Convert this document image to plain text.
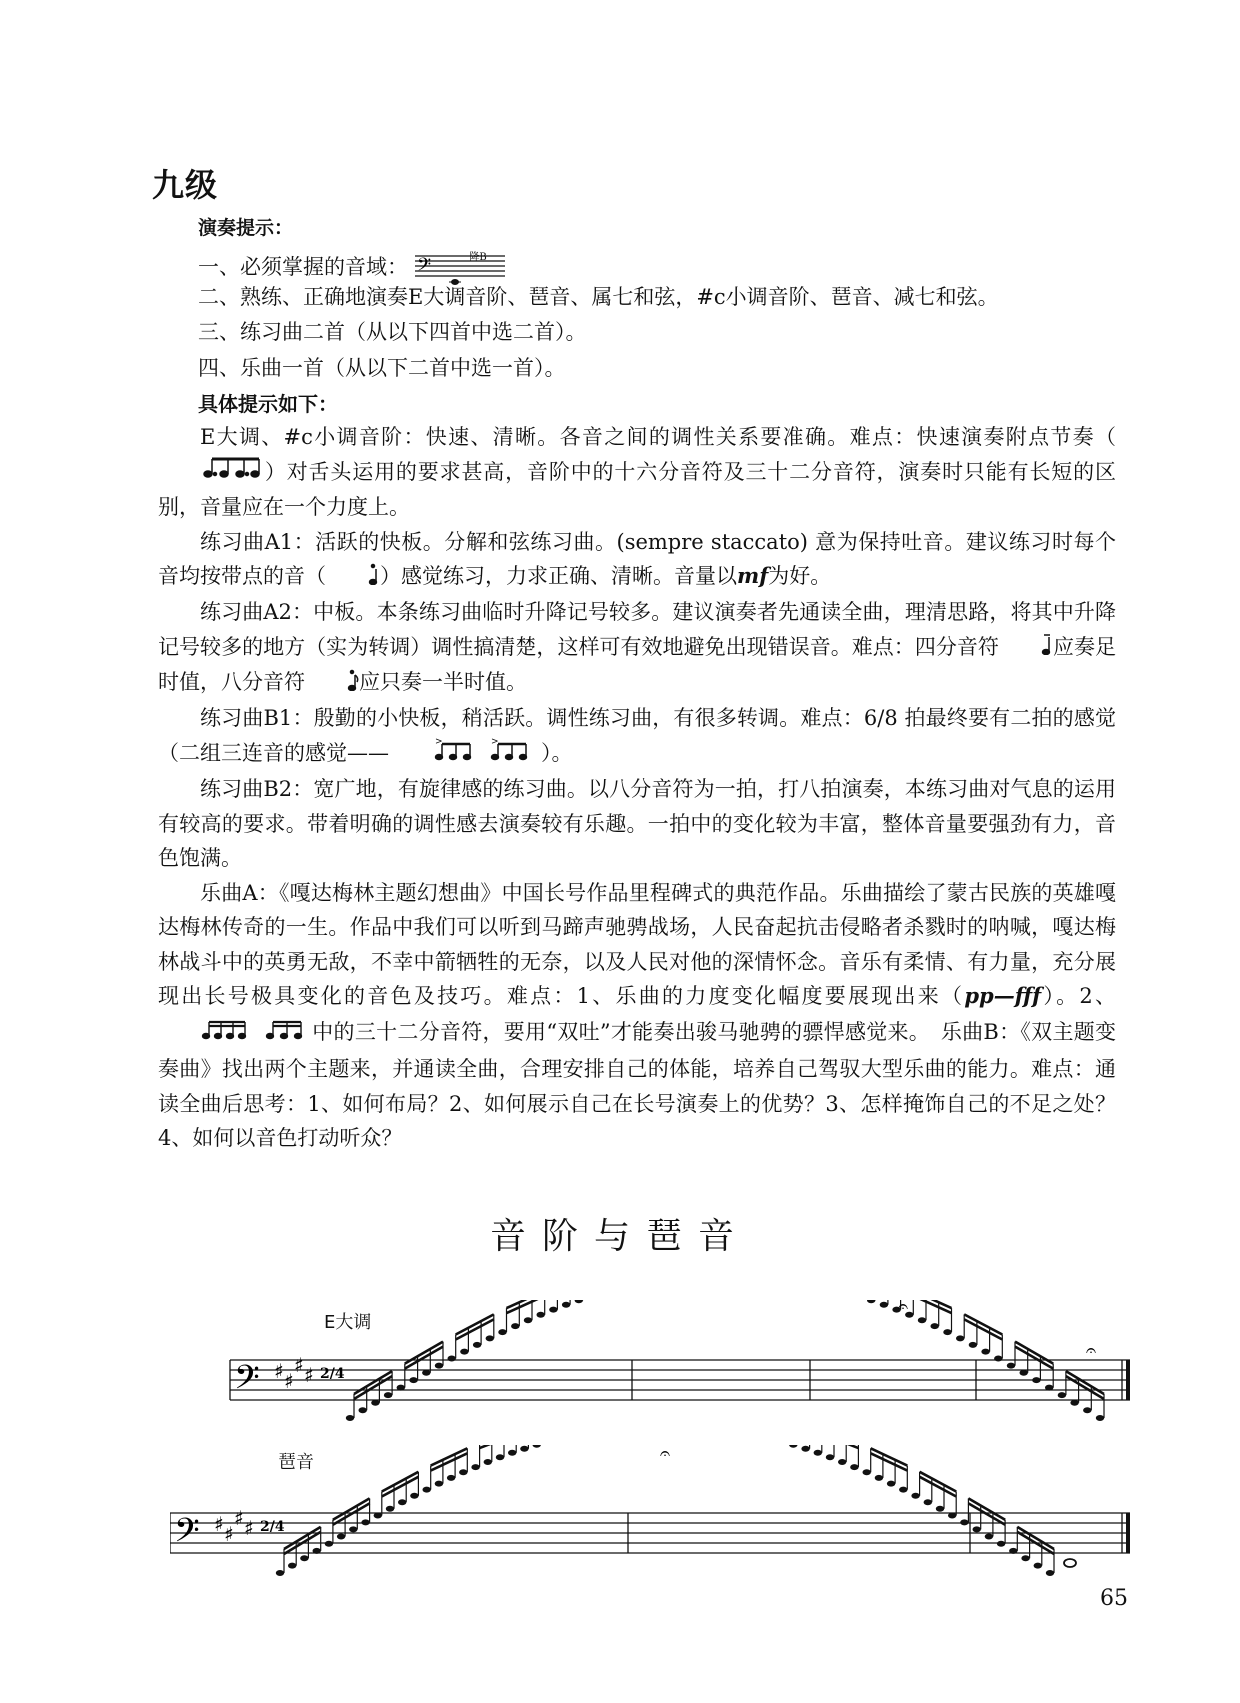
九级
演奏提示：
一、必须掌握的音域： 𝄢	$^{降B}$
二、熟练、正确地演奏E大调音阶、琶音、属七和弦，#c小调音阶、琶音、减七和弦。
三、练习曲二首（从以下四首中选二首）。
四、乐曲一首（从以下二首中选一首）。
具体提示如下：

E大调、#c小调音阶：快速、清晰。各音之间的调性关系要准确。难点：快速演奏附点节奏（）对舌头运用的要求甚高，音阶中的十六分音符及三十二分音符，演奏时只能有长短的区别，音量应在一个力度上。

练习曲A1：活跃的快板。分解和弦练习曲。(sempre staccato) 意为保持吐音。建议练习时每个音均按带点的音（	）感觉练习，力求正确、清晰。音量以mf为好。

练习曲A2：中板。本条练习曲临时升降记号较多。建议演奏者先通读全曲，理清思路，将其中升降记号较多的地方（实为转调）调性搞清楚，这样可有效地避免出现错误音。难点：四分音符	应奏足时值，八分音符	应只奏一半时值。

练习曲B1：殷勤的小快板，稍活跃。调性练习曲，有很多转调。难点：6/8 拍最终要有二拍的感觉（二组三连音的感觉——	>	> ）。

练习曲B2：宽广地，有旋律感的练习曲。以八分音符为一拍，打八拍演奏，本练习曲对气息的运用有较高的要求。带着明确的调性感去演奏较有乐趣。一拍中的变化较为丰富，整体音量要强劲有力，音色饱满。

乐曲A：《嘎达梅林主题幻想曲》中国长号作品里程碑式的典范作品。乐曲描绘了蒙古民族的英雄嘎达梅林传奇的一生。作品中我们可以听到马蹄声驰骋战场，人民奋起抗击侵略者杀戮时的呐喊，嘎达梅林战斗中的英勇无敌，不幸中箭牺牲的无奈，以及人民对他的深情怀念。音乐有柔情、有力量，充分展现出长号极具变化的音色及技巧。难点：1、乐曲的力度变化幅度要展现出来（pp—fff）。2、中的三十二分音符，要用“双吐”才能奏出骏马驰骋的骠悍感觉来。　乐曲B：《双主题变奏曲》找出两个主题来，并通读全曲，合理安排自己的体能，培养自己驾驭大型乐曲的能力。难点：通读全曲后思考：1、如何布局？2、如何展示自己在长号演奏上的优势？3、怎样掩饰自己的不足之处？4、如何以音色打动听众？

音阶与琶音
E大调
琶音
𝄢 ♯ ♯
♯ ♯ 2/4
𝄐
𝄐
𝄢 ♯ ♯
♯ ♯ 2/4
𝄐
65
